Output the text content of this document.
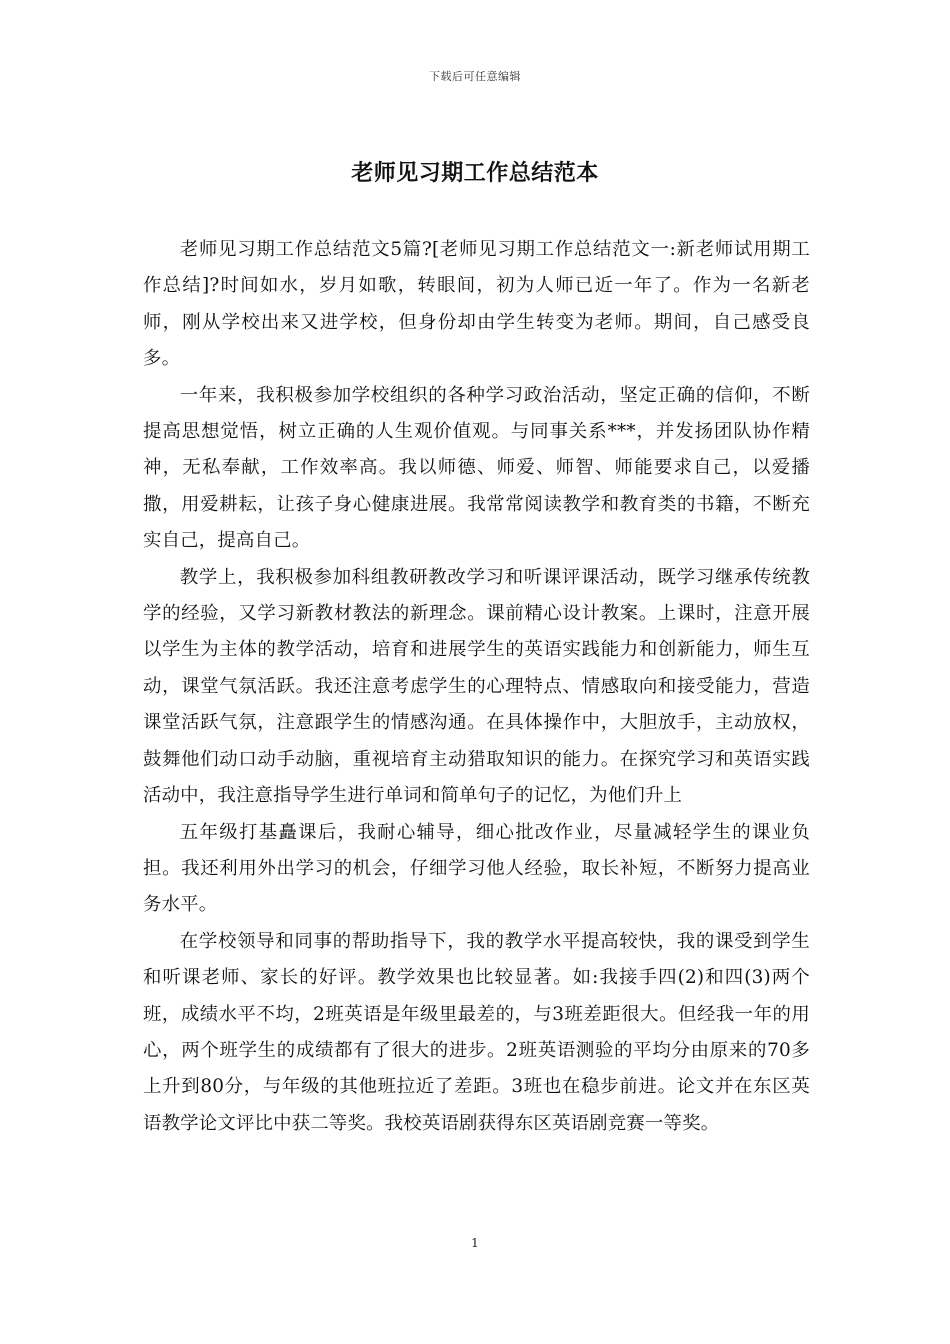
下载后可任意编辑
老师见习期工作总结范本

老师见习期工作总结范文5篇?[老师见习期工作总结范文一:新老师试用期工作总结]?时间如水，岁月如歌，转眼间，初为人师已近一年了。作为一名新老师，刚从学校出来又进学校，但身份却由学生转变为老师。期间，自己感受良多。

一年来，我积极参加学校组织的各种学习政治活动，坚定正确的信仰，不断提高思想觉悟，树立正确的人生观价值观。与同事关系***，并发扬团队协作精神，无私奉献，工作效率高。我以师德、师爱、师智、师能要求自己，以爱播撒，用爱耕耘，让孩子身心健康进展。我常常阅读教学和教育类的书籍，不断充实自己，提高自己。

教学上，我积极参加科组教研教改学习和听课评课活动，既学习继承传统教学的经验，又学习新教材教法的新理念。课前精心设计教案。上课时，注意开展以学生为主体的教学活动，培育和进展学生的英语实践能力和创新能力，师生互动，课堂气氛活跃。我还注意考虑学生的心理特点、情感取向和接受能力，营造课堂活跃气氛，注意跟学生的情感沟通。在具体操作中，大胆放手，主动放权，鼓舞他们动口动手动脑，重视培育主动猎取知识的能力。在探究学习和英语实践活动中，我注意指导学生进行单词和简单句子的记忆，为他们升上

五年级打基矗课后，我耐心辅导，细心批改作业，尽量减轻学生的课业负担。我还利用外出学习的机会，仔细学习他人经验，取长补短，不断努力提高业务水平。

在学校领导和同事的帮助指导下，我的教学水平提高较快，我的课受到学生和听课老师、家长的好评。教学效果也比较显著。如:我接手四(2)和四(3)两个班，成绩水平不均，2班英语是年级里最差的，与3班差距很大。但经我一年的用心，两个班学生的成绩都有了很大的进步。2班英语测验的平均分由原来的70多上升到80分，与年级的其他班拉近了差距。3班也在稳步前进。论文并在东区英语教学论文评比中获二等奖。我校英语剧获得东区英语剧竞赛一等奖。

1
